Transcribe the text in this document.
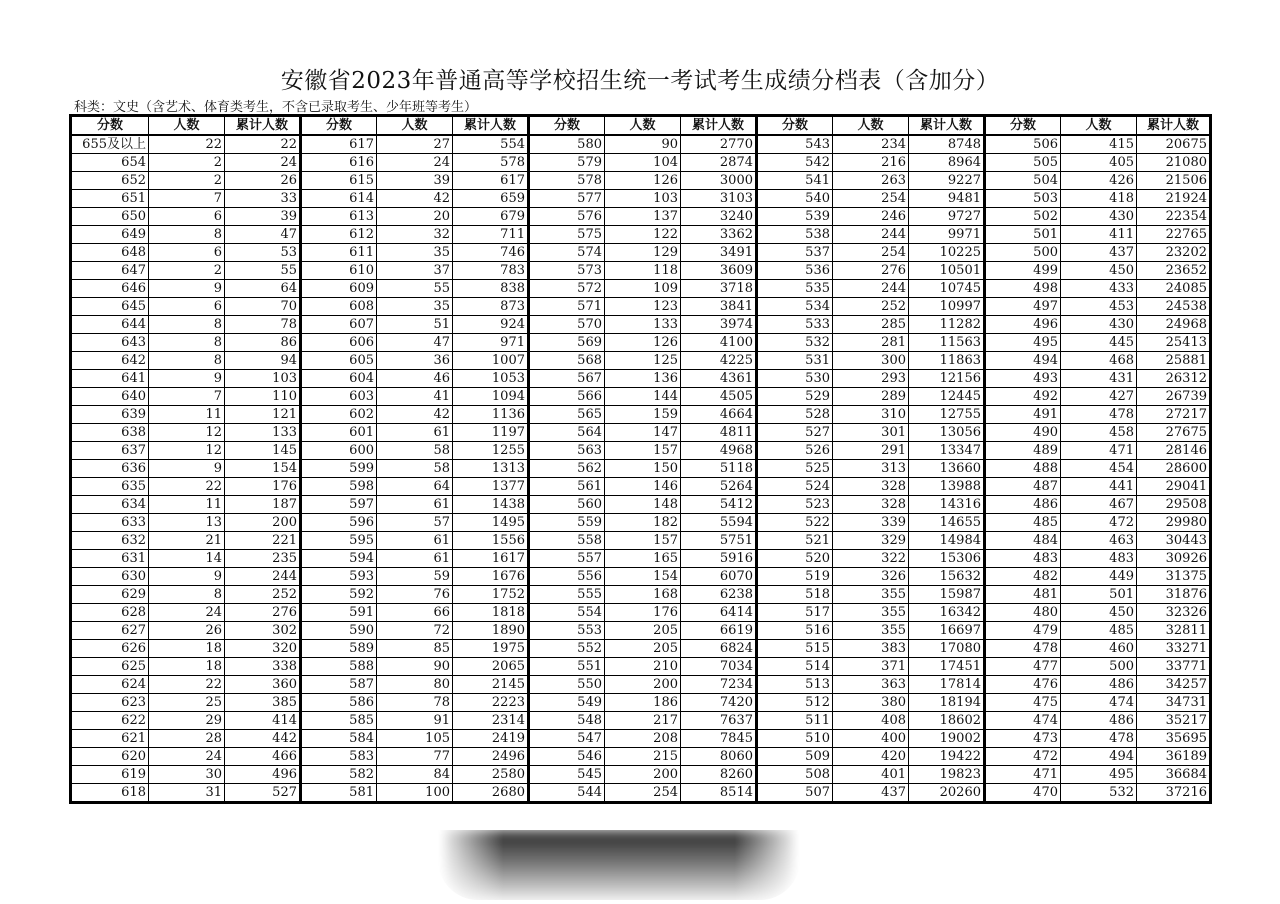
安徽省2023年普通高等学校招生统一考试考生成绩分档表（含加分）
科类：文史（含艺术、体育类考生，不含已录取考生、少年班等考生）
分数	人数	累计人数	分数	人数	累计人数	分数	人数	累计人数	分数	人数	累计人数	分数	人数	累计人数
655及以上	22	22	617	27	554	580	90	2770	543	234	8748	506	415	20675
654	2	24	616	24	578	579	104	2874	542	216	8964	505	405	21080
652	2	26	615	39	617	578	126	3000	541	263	9227	504	426	21506
651	7	33	614	42	659	577	103	3103	540	254	9481	503	418	21924
650	6	39	613	20	679	576	137	3240	539	246	9727	502	430	22354
649	8	47	612	32	711	575	122	3362	538	244	9971	501	411	22765
648	6	53	611	35	746	574	129	3491	537	254	10225	500	437	23202
647	2	55	610	37	783	573	118	3609	536	276	10501	499	450	23652
646	9	64	609	55	838	572	109	3718	535	244	10745	498	433	24085
645	6	70	608	35	873	571	123	3841	534	252	10997	497	453	24538
644	8	78	607	51	924	570	133	3974	533	285	11282	496	430	24968
643	8	86	606	47	971	569	126	4100	532	281	11563	495	445	25413
642	8	94	605	36	1007	568	125	4225	531	300	11863	494	468	25881
641	9	103	604	46	1053	567	136	4361	530	293	12156	493	431	26312
640	7	110	603	41	1094	566	144	4505	529	289	12445	492	427	26739
639	11	121	602	42	1136	565	159	4664	528	310	12755	491	478	27217
638	12	133	601	61	1197	564	147	4811	527	301	13056	490	458	27675
637	12	145	600	58	1255	563	157	4968	526	291	13347	489	471	28146
636	9	154	599	58	1313	562	150	5118	525	313	13660	488	454	28600
635	22	176	598	64	1377	561	146	5264	524	328	13988	487	441	29041
634	11	187	597	61	1438	560	148	5412	523	328	14316	486	467	29508
633	13	200	596	57	1495	559	182	5594	522	339	14655	485	472	29980
632	21	221	595	61	1556	558	157	5751	521	329	14984	484	463	30443
631	14	235	594	61	1617	557	165	5916	520	322	15306	483	483	30926
630	9	244	593	59	1676	556	154	6070	519	326	15632	482	449	31375
629	8	252	592	76	1752	555	168	6238	518	355	15987	481	501	31876
628	24	276	591	66	1818	554	176	6414	517	355	16342	480	450	32326
627	26	302	590	72	1890	553	205	6619	516	355	16697	479	485	32811
626	18	320	589	85	1975	552	205	6824	515	383	17080	478	460	33271
625	18	338	588	90	2065	551	210	7034	514	371	17451	477	500	33771
624	22	360	587	80	2145	550	200	7234	513	363	17814	476	486	34257
623	25	385	586	78	2223	549	186	7420	512	380	18194	475	474	34731
622	29	414	585	91	2314	548	217	7637	511	408	18602	474	486	35217
621	28	442	584	105	2419	547	208	7845	510	400	19002	473	478	35695
620	24	466	583	77	2496	546	215	8060	509	420	19422	472	494	36189
619	30	496	582	84	2580	545	200	8260	508	401	19823	471	495	36684
618	31	527	581	100	2680	544	254	8514	507	437	20260	470	532	37216
